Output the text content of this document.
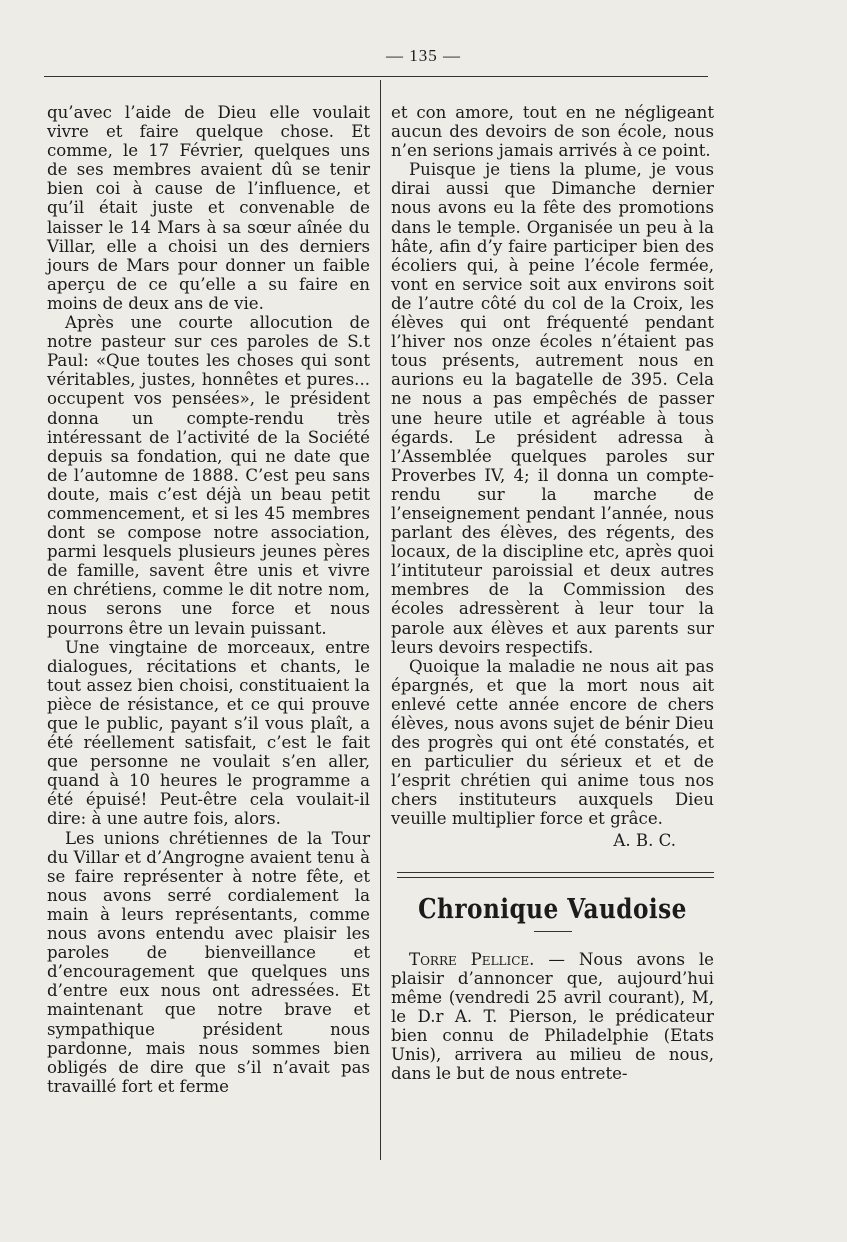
— 135 —

qu’avec l’aide de Dieu elle voulait vivre et faire quelque chose. Et comme, le 17 Février, quelques uns de ses membres avaient dû se tenir bien coi à cause de l’influence, et qu’il était juste et convenable de laisser le 14 Mars à sa sœur aînée du Villar, elle a choisi un des derniers jours de Mars pour donner un faible aperçu de ce qu’elle a su faire en moins de deux ans de vie.

Après une courte allocution de notre pasteur sur ces paroles de S.t Paul: «Que toutes les choses qui sont véritables, justes, honnêtes et pures... occupent vos pensées», le président donna un compte-rendu très intéressant de l’activité de la Société depuis sa fondation, qui ne date que de l’automne de 1888. C’est peu sans doute, mais c’est déjà un beau petit commencement, et si les 45 membres dont se compose notre association, parmi lesquels plusieurs jeunes pères de famille, savent être unis et vivre en chrétiens, comme le dit notre nom, nous serons une force et nous pourrons être un levain puissant.

Une vingtaine de morceaux, entre dialogues, récitations et chants, le tout assez bien choisi, constituaient la pièce de résistance, et ce qui prouve que le public, payant s’il vous plaît, a été réellement satisfait, c’est le fait que personne ne voulait s’en aller, quand à 10 heures le programme a été épuisé! Peut-être cela voulait-il dire: à une autre fois, alors.

Les unions chrétiennes de la Tour du Villar et d’Angrogne avaient tenu à se faire représenter à notre fête, et nous avons serré cordialement la main à leurs représentants, comme nous avons entendu avec plaisir les paroles de bienveillance et d’encouragement que quelques uns d’entre eux nous ont adressées. Et maintenant que notre brave et sympathique président nous pardonne, mais nous sommes bien obligés de dire que s’il n’avait pas travaillé fort et ferme

et con amore, tout en ne négligeant aucun des devoirs de son école, nous n’en serions jamais arrivés à ce point.

Puisque je tiens la plume, je vous dirai aussi que Dimanche dernier nous avons eu la fête des promotions dans le temple. Organisée un peu à la hâte, afin d’y faire participer bien des écoliers qui, à peine l’école fermée, vont en service soit aux environs soit de l’autre côté du col de la Croix, les élèves qui ont fréquenté pendant l’hiver nos onze écoles n’étaient pas tous présents, autrement nous en aurions eu la bagatelle de 395. Cela ne nous a pas empêchés de passer une heure utile et agréable à tous égards. Le président adressa à l’Assemblée quelques paroles sur Proverbes IV, 4; il donna un compte-rendu sur la marche de l’enseignement pendant l’année, nous parlant des élèves, des régents, des locaux, de la discipline etc, après quoi l’intituteur paroissial et deux autres membres de la Commission des écoles adressèrent à leur tour la parole aux élèves et aux parents sur leurs devoirs respectifs.

Quoique la maladie ne nous ait pas épargnés, et que la mort nous ait enlevé cette année encore de chers élèves, nous avons sujet de bénir Dieu des progrès qui ont été constatés, et en particulier du sérieux et et de l’esprit chrétien qui anime tous nos chers instituteurs auxquels Dieu veuille multiplier force et grâce.

A. B. C.

Chronique Vaudoise

Torre Pellice. — Nous avons le plaisir d’annoncer que, aujourd’hui même (vendredi 25 avril courant), M, le D.r A. T. Pierson, le prédicateur bien connu de Philadelphie (Etats Unis), arrivera au milieu de nous, dans le but de nous entrete-
